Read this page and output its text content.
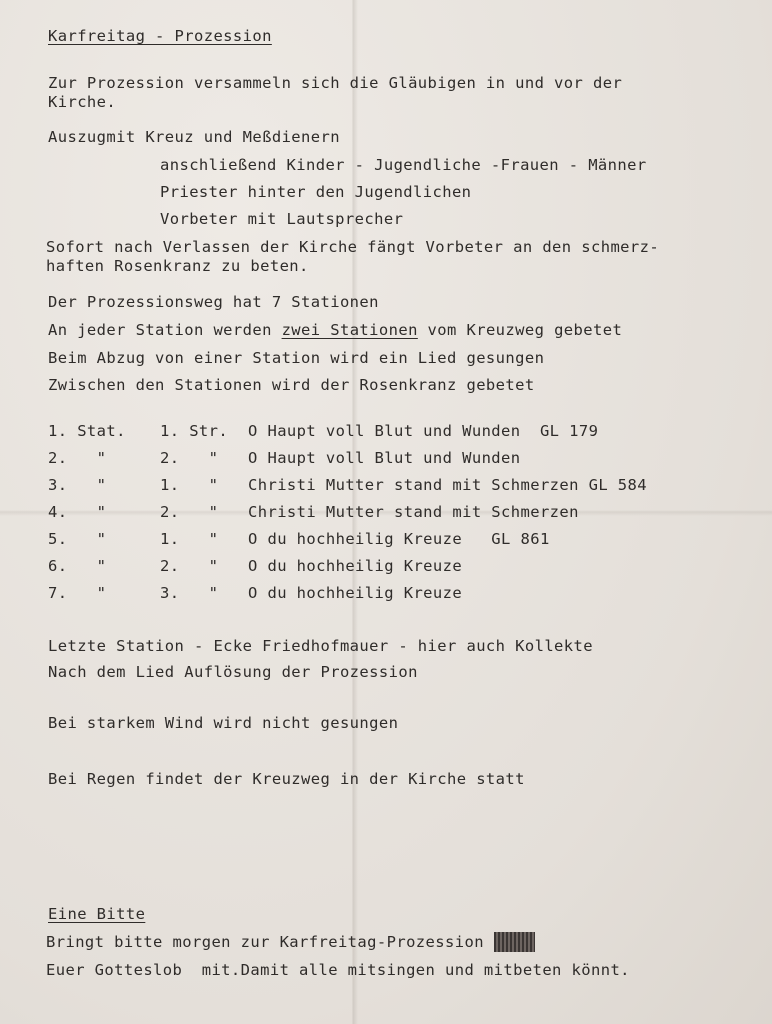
Karfreitag - Prozession
Zur Prozession versammeln sich die Gläubigen in und vor der
Kirche.
Auszugmit Kreuz und Meßdienern
anschließend Kinder - Jugendliche -Frauen - Männer
Priester hinter den Jugendlichen
Vorbeter mit Lautsprecher
Sofort nach Verlassen der Kirche fängt Vorbeter an den schmerz-
haften Rosenkranz zu beten.
Der Prozessionsweg hat 7 Stationen
An jeder Station werden zwei Stationen vom Kreuzweg gebetet
Beim Abzug von einer Station wird ein Lied gesungen
Zwischen den Stationen wird der Rosenkranz gebetet
1. Stat. 1. Str. O Haupt voll Blut und Wunden  GL 179
2.   "	2.   " O Haupt voll Blut und Wunden
3.   "	1.   " Christi Mutter stand mit Schmerzen GL 584
4.   "	2.   " Christi Mutter stand mit Schmerzen
5.   "	1.   " O du hochheilig Kreuze   GL 861
6.   "	2.   " O du hochheilig Kreuze
7.   "	3.   " O du hochheilig Kreuze
Letzte Station - Ecke Friedhofmauer - hier auch Kollekte
Nach dem Lied Auflösung der Prozession
Bei starkem Wind wird nicht gesungen
Bei Regen findet der Kreuzweg in der Kirche statt
Eine Bitte
Bringt bitte morgen zur Karfreitag-Prozession
Euer Gotteslob  mit.Damit alle mitsingen und mitbeten könnt.
